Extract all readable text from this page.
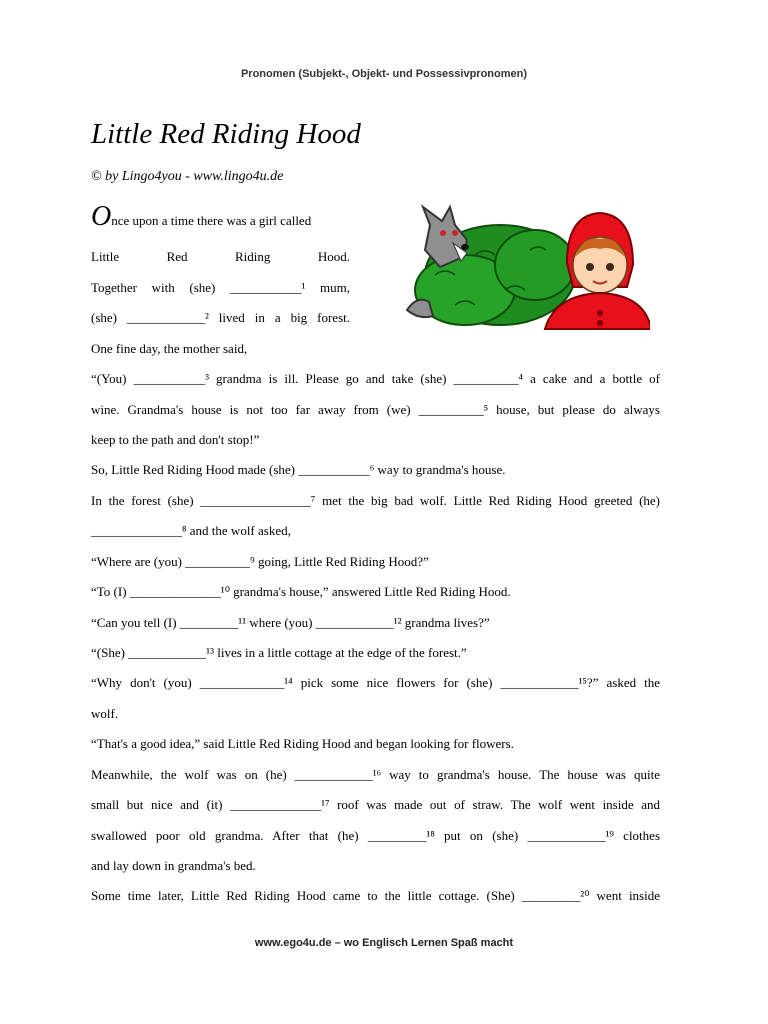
Pronomen (Subjekt-, Objekt- und Possessivpronomen)
Little Red Riding Hood
© by Lingo4you - www.lingo4u.de
Once upon a time there was a girl called
Little Red Riding Hood.
Together with (she) ___________¹ mum,
(she) ____________² lived in a big forest.
One fine day, the mother said,
“(You) ___________³ grandma is ill. Please go and take (she) __________⁴ a cake and a bottle of
wine. Grandma's house is not too far away from (we) __________⁵ house, but please do always
keep to the path and don't stop!”
So, Little Red Riding Hood made (she) ___________⁶ way to grandma's house.
In the forest (she) _________________⁷ met the big bad wolf. Little Red Riding Hood greeted (he)
______________⁸ and the wolf asked,
“Where are (you) __________⁹ going, Little Red Riding Hood?”
“To (I) ______________¹⁰ grandma's house,” answered Little Red Riding Hood.
“Can you tell (I) _________¹¹ where (you) ____________¹² grandma lives?”
“(She) ____________¹³ lives in a little cottage at the edge of the forest.”
“Why don't (you) _____________¹⁴ pick some nice flowers for (she) ____________¹⁵?” asked the
wolf.
“That's a good idea,” said Little Red Riding Hood and began looking for flowers.
Meanwhile, the wolf was on (he) ____________¹⁶ way to grandma's house. The house was quite
small but nice and (it) ______________¹⁷ roof was made out of straw. The wolf went inside and
swallowed poor old grandma. After that (he) _________¹⁸ put on (she) ____________¹⁹ clothes
and lay down in grandma's bed.
Some time later, Little Red Riding Hood came to the little cottage. (She) _________²⁰ went inside
www.ego4u.de – wo Englisch Lernen Spaß macht
